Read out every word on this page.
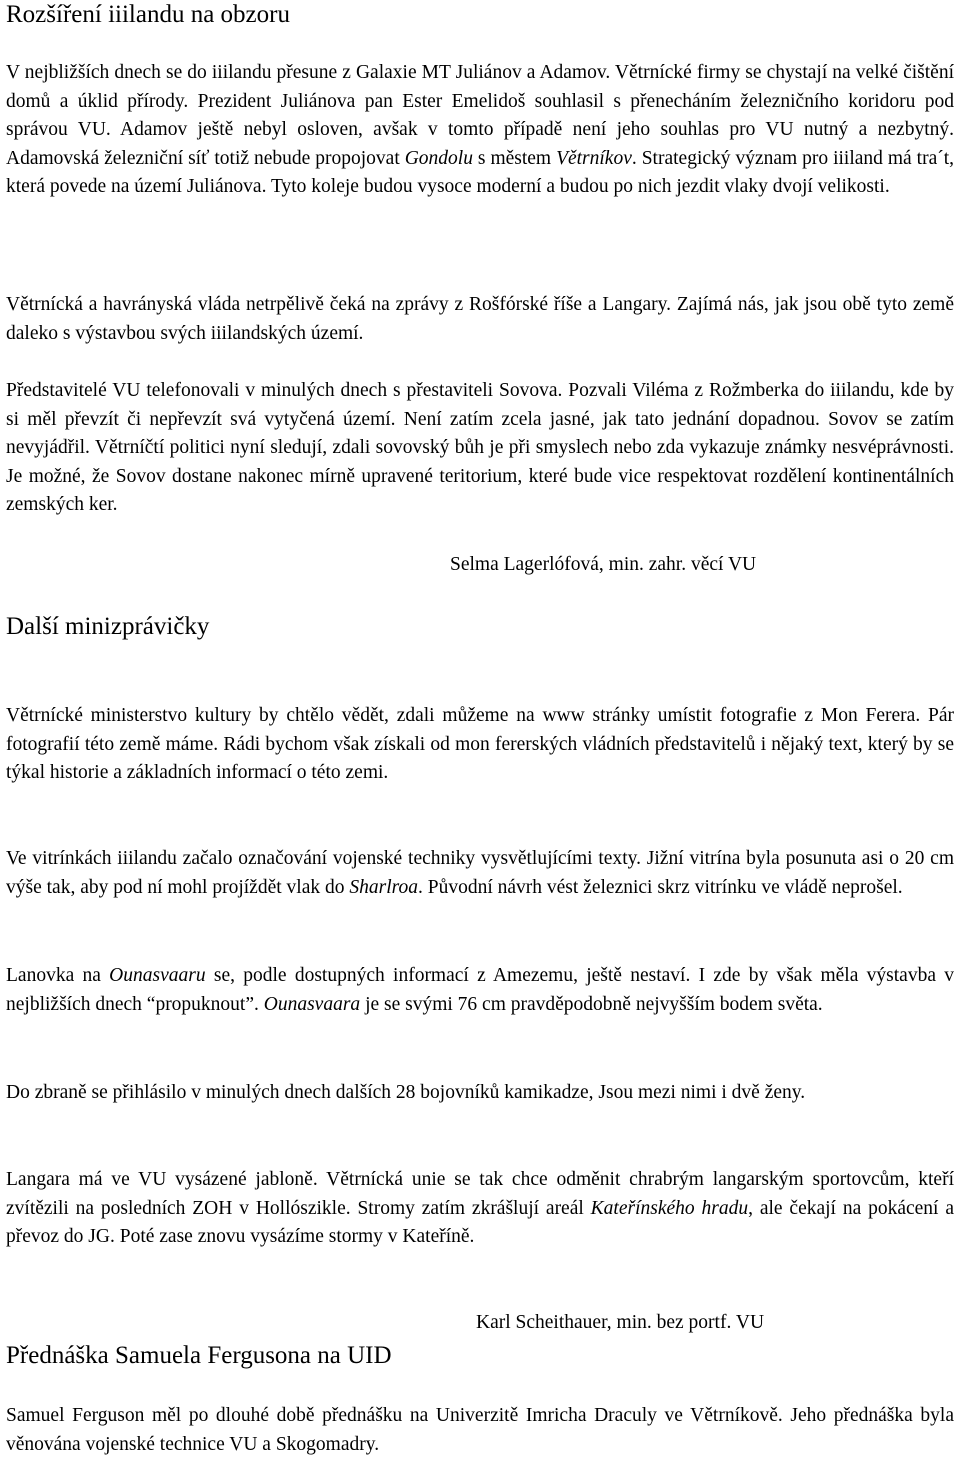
Rozšíření iiilandu na obzoru

V nejbližších dnech se do iiilandu přesune z Galaxie MT Juliánov a Adamov. Větrnícké firmy se chystají na velké čištění domů a úklid přírody. Prezident Juliánova pan Ester Emelidoš souhlasil s přenecháním železničního koridoru pod správou VU. Adamov ještě nebyl osloven, avšak v tomto případě není jeho souhlas pro VU nutný a nezbytný. Adamovská železniční síť totiž nebude propojovat Gondolu s městem Větrníkov. Strategický význam pro iiiland má tra´t, která povede na území Juliánova. Tyto koleje budou vysoce moderní a budou po nich jezdit vlaky dvojí velikosti.

Větrnícká a havrányská vláda netrpělivě čeká na zprávy z Rošfórské říše a Langary. Zajímá nás, jak jsou obě tyto země daleko s výstavbou svých iiilandských území.

Představitelé VU telefonovali v minulých dnech s přestaviteli Sovova. Pozvali Viléma z Rožmberka do iiilandu, kde by si měl převzít či nepřevzít svá vytyčená území. Není zatím zcela jasné, jak tato jednání dopadnou. Sovov se zatím nevyjádřil. Větrníčtí politici nyní sledují, zdali sovovský bůh je při smyslech nebo zda vykazuje známky nesvéprávnosti. Je možné, že Sovov dostane nakonec mírně upravené teritorium, které bude vice respektovat rozdělení kontinentálních zemských ker.

Selma Lagerlófová, min. zahr. věcí VU

Další minizprávičky

Větrnícké ministerstvo kultury by chtělo vědět, zdali můžeme na www stránky umístit fotografie z Mon Ferera. Pár fotografií této země máme. Rádi bychom však získali od mon fererských vládních představitelů i nějaký text, který by se týkal historie a základních informací o této zemi.

Ve vitrínkách iiilandu začalo označování vojenské techniky vysvětlujícími texty. Jižní vitrína byla posunuta asi o 20 cm výše tak, aby pod ní mohl projíždět vlak do Sharlroa. Původní návrh vést železnici skrz vitrínku ve vládě neprošel.

Lanovka na Ounasvaaru se, podle dostupných informací z Amezemu, ještě nestaví. I zde by však měla výstavba v nejbližších dnech “propuknout”. Ounasvaara je se svými 76 cm pravděpodobně nejvyšším bodem světa.

Do zbraně se přihlásilo v minulých dnech dalších 28 bojovníků kamikadze, Jsou mezi nimi i dvě ženy.

Langara má ve VU vysázené jabloně. Větrnícká unie se tak chce odměnit chrabrým langarským sportovcům, kteří zvítězili na posledních ZOH v Hollószikle. Stromy zatím zkrášlují areál Kateřínského hradu, ale čekají na pokácení a převoz do JG. Poté zase znovu vysázíme stormy v Kateříně.

Karl Scheithauer, min. bez portf. VU

Přednáška Samuela Fergusona na UID

Samuel Ferguson měl po dlouhé době přednášku na Univerzitě Imricha Draculy ve Větrníkově. Jeho přednáška byla věnována vojenské technice VU a Skogomadry.
